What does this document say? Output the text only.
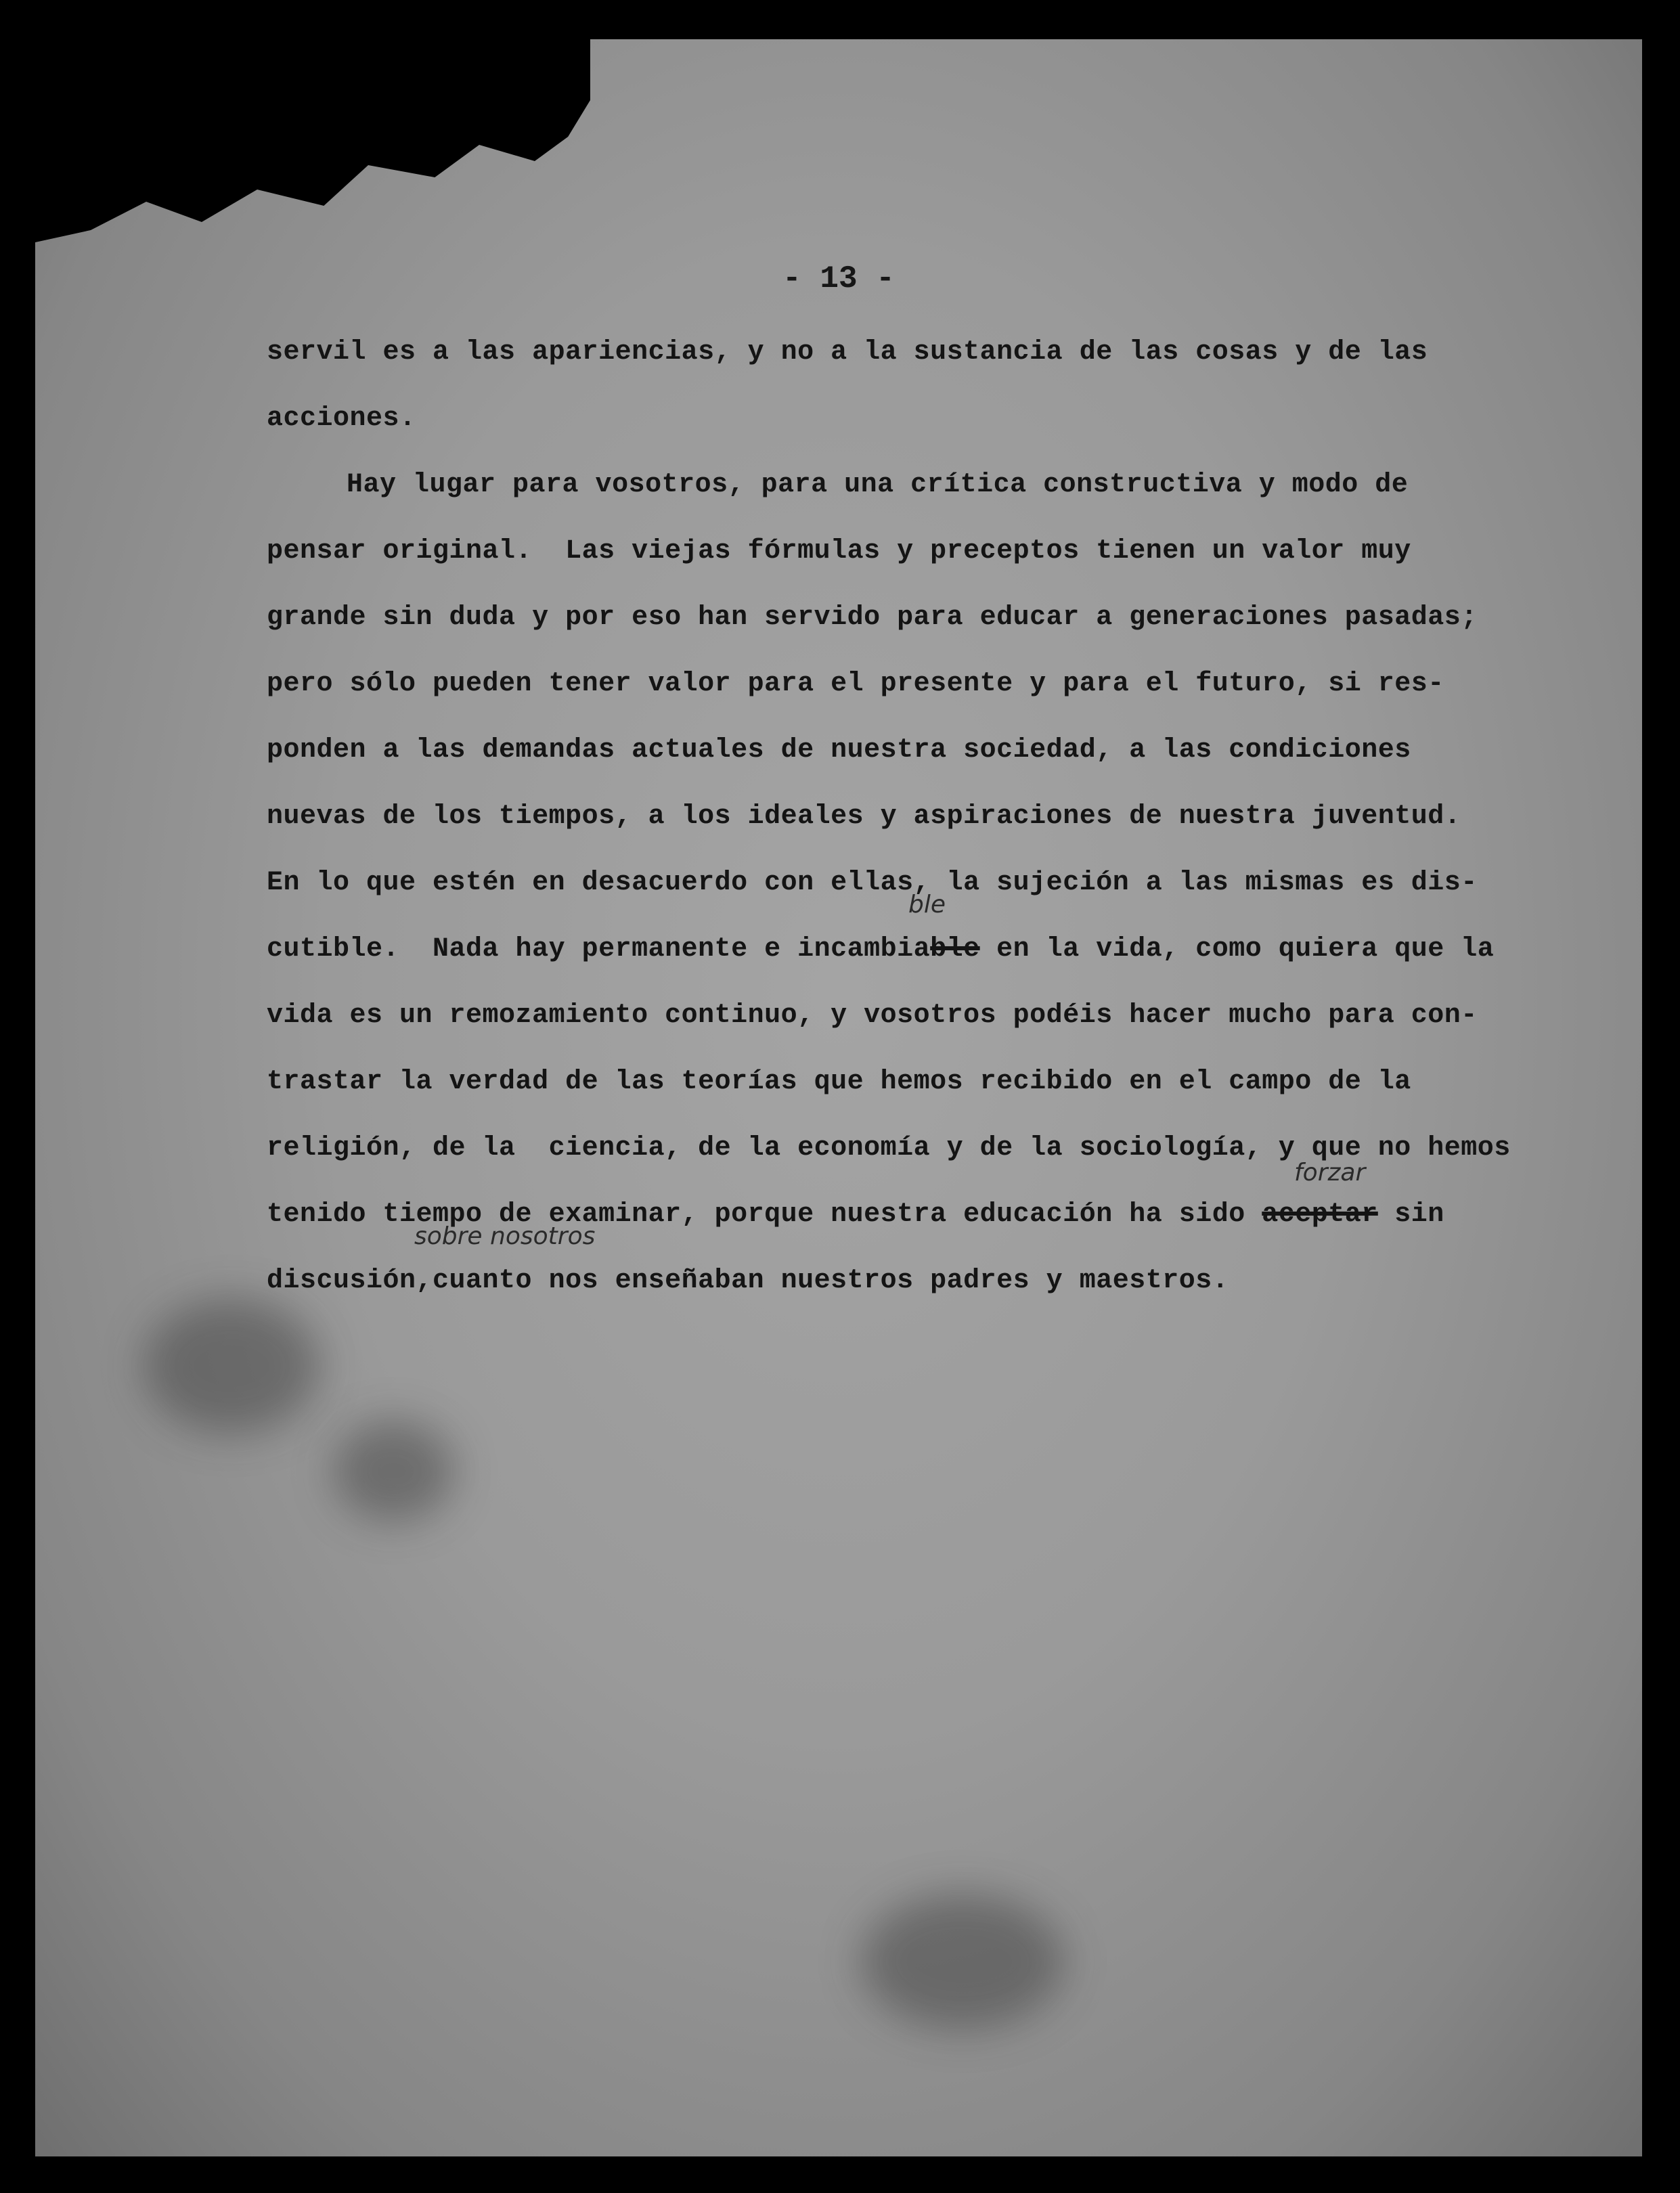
- 13 -
servil es a las apariencias, y no a la sustancia de las cosas y de las
acciones.
Hay lugar para vosotros, para una crítica constructiva y modo de
pensar original.  Las viejas fórmulas y preceptos tienen un valor muy
grande sin duda y por eso han servido para educar a generaciones pasadas;
pero sólo pueden tener valor para el presente y para el futuro, si res-
ponden a las demandas actuales de nuestra sociedad, a las condiciones
nuevas de los tiempos, a los ideales y aspiraciones de nuestra juventud.
En lo que estén en desacuerdo con ellas, la sujeción a las mismas es dis-
cutible.  Nada hay permanente e incambiable en la vida, como quiera que la
vida es un remozamiento continuo, y vosotros podéis hacer mucho para con-
trastar la verdad de las teorías que hemos recibido en el campo de la
religión, de la  ciencia, de la economía y de la sociología, y que no hemos
tenido tiempo de examinar, porque nuestra educación ha sido aceptar sin
discusión,cuanto nos enseñaban nuestros padres y maestros.
ble
forzar
sobre nosotros
